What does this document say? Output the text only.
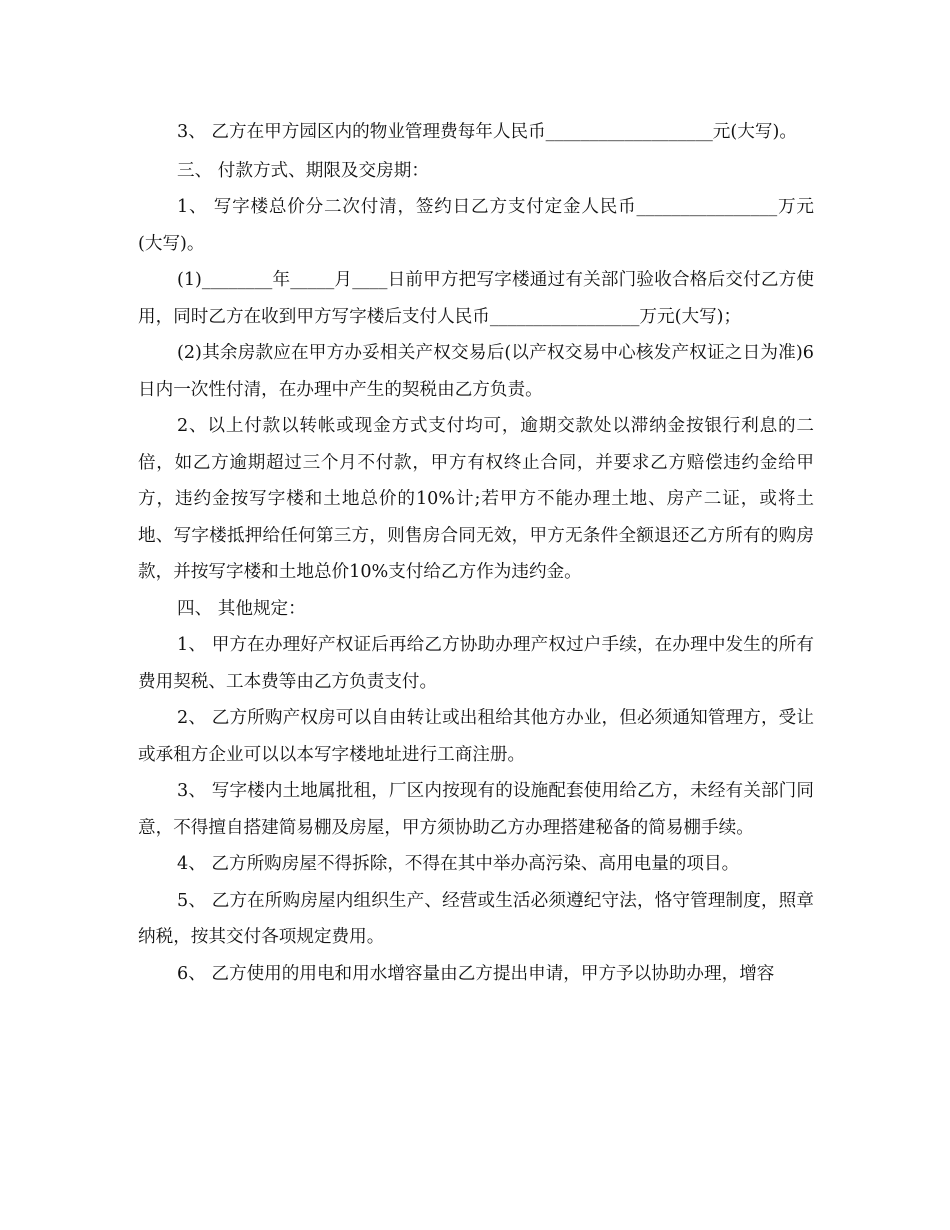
3、 乙方在甲方园区内的物业管理费每年人民币___________________元(大写)。

三、 付款方式、期限及交房期：

1、 写字楼总价分二次付清，签约日乙方支付定金人民币________________万元(大写)。

(1)________年_____月____日前甲方把写字楼通过有关部门验收合格后交付乙方使用，同时乙方在收到甲方写字楼后支付人民币_________________万元(大写)；

(2)其余房款应在甲方办妥相关产权交易后(以产权交易中心核发产权证之日为准)6日内一次性付清，在办理中产生的契税由乙方负责。

2、以上付款以转帐或现金方式支付均可，逾期交款处以滞纳金按银行利息的二倍，如乙方逾期超过三个月不付款，甲方有权终止合同，并要求乙方赔偿违约金给甲方，违约金按写字楼和土地总价的10%计;若甲方不能办理土地、房产二证，或将土地、写字楼抵押给任何第三方，则售房合同无效，甲方无条件全额退还乙方所有的购房款，并按写字楼和土地总价10%支付给乙方作为违约金。

四、 其他规定：

1、 甲方在办理好产权证后再给乙方协助办理产权过户手续，在办理中发生的所有费用契税、工本费等由乙方负责支付。

2、 乙方所购产权房可以自由转让或出租给其他方办业，但必须通知管理方，受让或承租方企业可以以本写字楼地址进行工商注册。

3、 写字楼内土地属批租，厂区内按现有的设施配套使用给乙方，未经有关部门同意，不得擅自搭建简易棚及房屋，甲方须协助乙方办理搭建秘备的简易棚手续。

4、 乙方所购房屋不得拆除，不得在其中举办高污染、高用电量的项目。

5、 乙方在所购房屋内组织生产、经营或生活必须遵纪守法，恪守管理制度，照章纳税，按其交付各项规定费用。

6、 乙方使用的用电和用水增容量由乙方提出申请，甲方予以协助办理，增容
